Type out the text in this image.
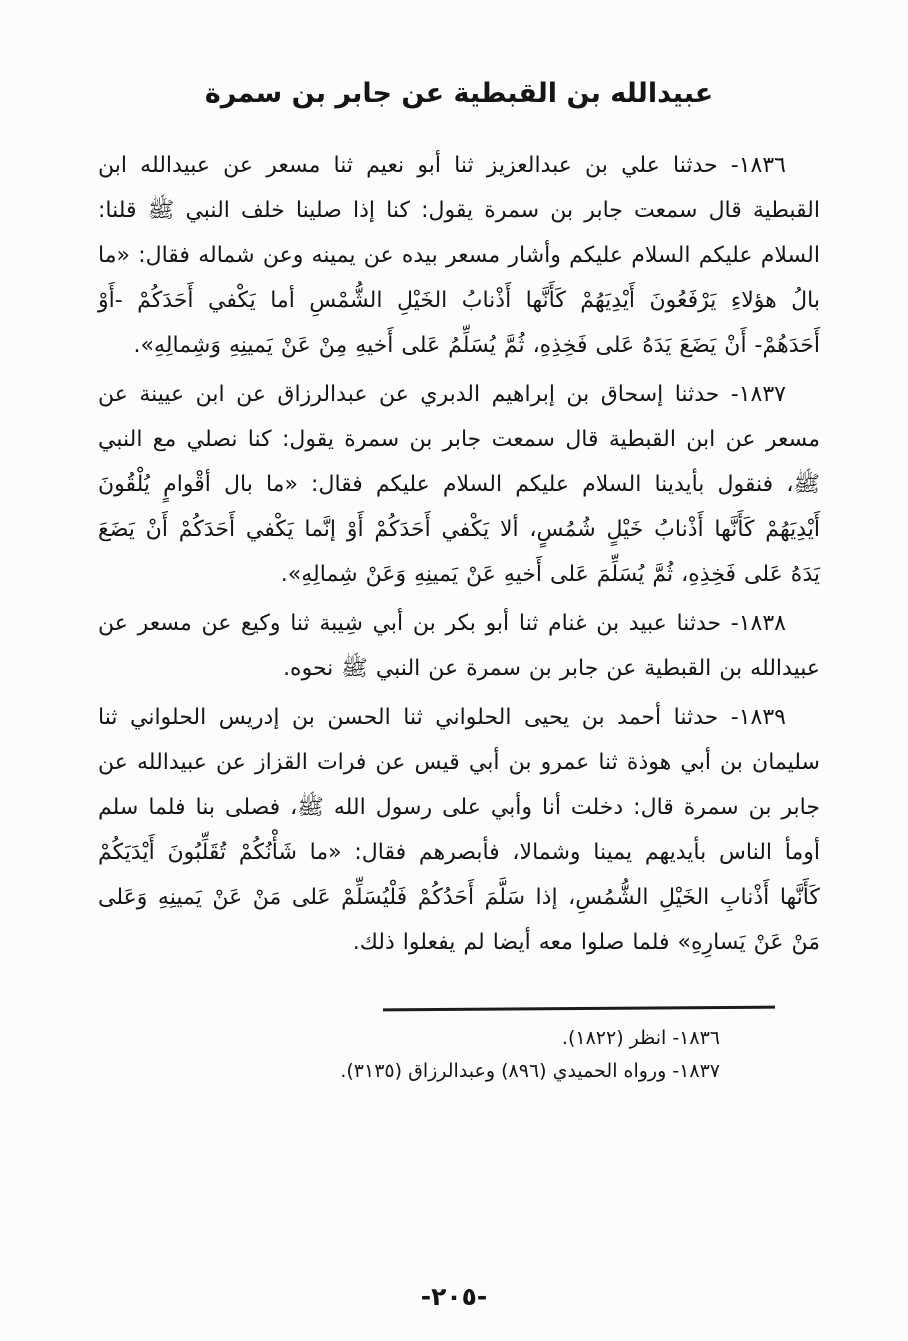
عبيدالله بن القبطية عن جابر بن سمرة

١٨٣٦- حدثنا علي بن عبدالعزيز ثنا أبو نعيم ثنا مسعر عن عبيدالله ابن القبطية قال سمعت جابر بن سمرة يقول: كنا إذا صلينا خلف النبي ﷺ قلنا: السلام عليكم السلام عليكم وأشار مسعر بيده عن يمينه وعن شماله فقال: «ما بالُ هؤلاءِ يَرْفَعُونَ أَيْدِيَهُمْ كَأَنَّها أَذْنابُ الخَيْلِ الشُّمْسِ أما يَكْفي أَحَدَكُمْ -أَوْ أَحَدَهُمْ- أَنْ يَضَعَ يَدَهُ عَلى فَخِذِهِ، ثُمَّ يُسَلِّمُ عَلى أَخيهِ مِنْ عَنْ يَمينِهِ وَشِمالِهِ».

١٨٣٧- حدثنا إسحاق بن إبراهيم الدبري عن عبدالرزاق عن ابن عيينة عن مسعر عن ابن القبطية قال سمعت جابر بن سمرة يقول: كنا نصلي مع النبي ﷺ، فنقول بأيدينا السلام عليكم السلام عليكم فقال: «ما بال أقْوامٍ يُلْقُونَ أَيْدِيَهُمْ كَأَنَّها أَذْنابُ خَيْلٍ شُمُسٍ، ألا يَكْفي أَحَدَكُمْ أَوْ إنَّما يَكْفي أَحَدَكُمْ أَنْ يَضَعَ يَدَهُ عَلى فَخِذِهِ، ثُمَّ يُسَلِّمَ عَلى أَخيهِ عَنْ يَمينِهِ وَعَنْ شِمالِهِ».

١٨٣٨- حدثنا عبيد بن غنام ثنا أبو بكر بن أبي شِيبة ثنا وكيع عن مسعر عن عبيدالله بن القبطية عن جابر بن سمرة عن النبي ﷺ نحوه.

١٨٣٩- حدثنا أحمد بن يحيى الحلواني ثنا الحسن بن إدريس الحلواني ثنا سليمان بن أبي هوذة ثنا عمرو بن أبي قيس عن فرات القزاز عن عبيدالله عن جابر بن سمرة قال: دخلت أنا وأبي على رسول الله ﷺ، فصلى بنا فلما سلم أومأ الناس بأيديهم يمينا وشمالا، فأبصرهم فقال: «ما شَأْنُكُمْ تُقَلِّبُونَ أَيْدَيَكُمْ كَأَنَّها أَذْنابِ الخَيْلِ الشُّمُسِ، إذا سَلَّمَ أَحَدُكُمْ فَلْيُسَلِّمْ عَلى مَنْ عَنْ يَمينِهِ وَعَلى مَنْ عَنْ يَسارِهِ» فلما صلوا معه أيضا لم يفعلوا ذلك.

١٨٣٦- انظر (١٨٢٢).

١٨٣٧- ورواه الحميدي (٨٩٦) وعبدالرزاق (٣١٣٥).

-٢٠٥-
